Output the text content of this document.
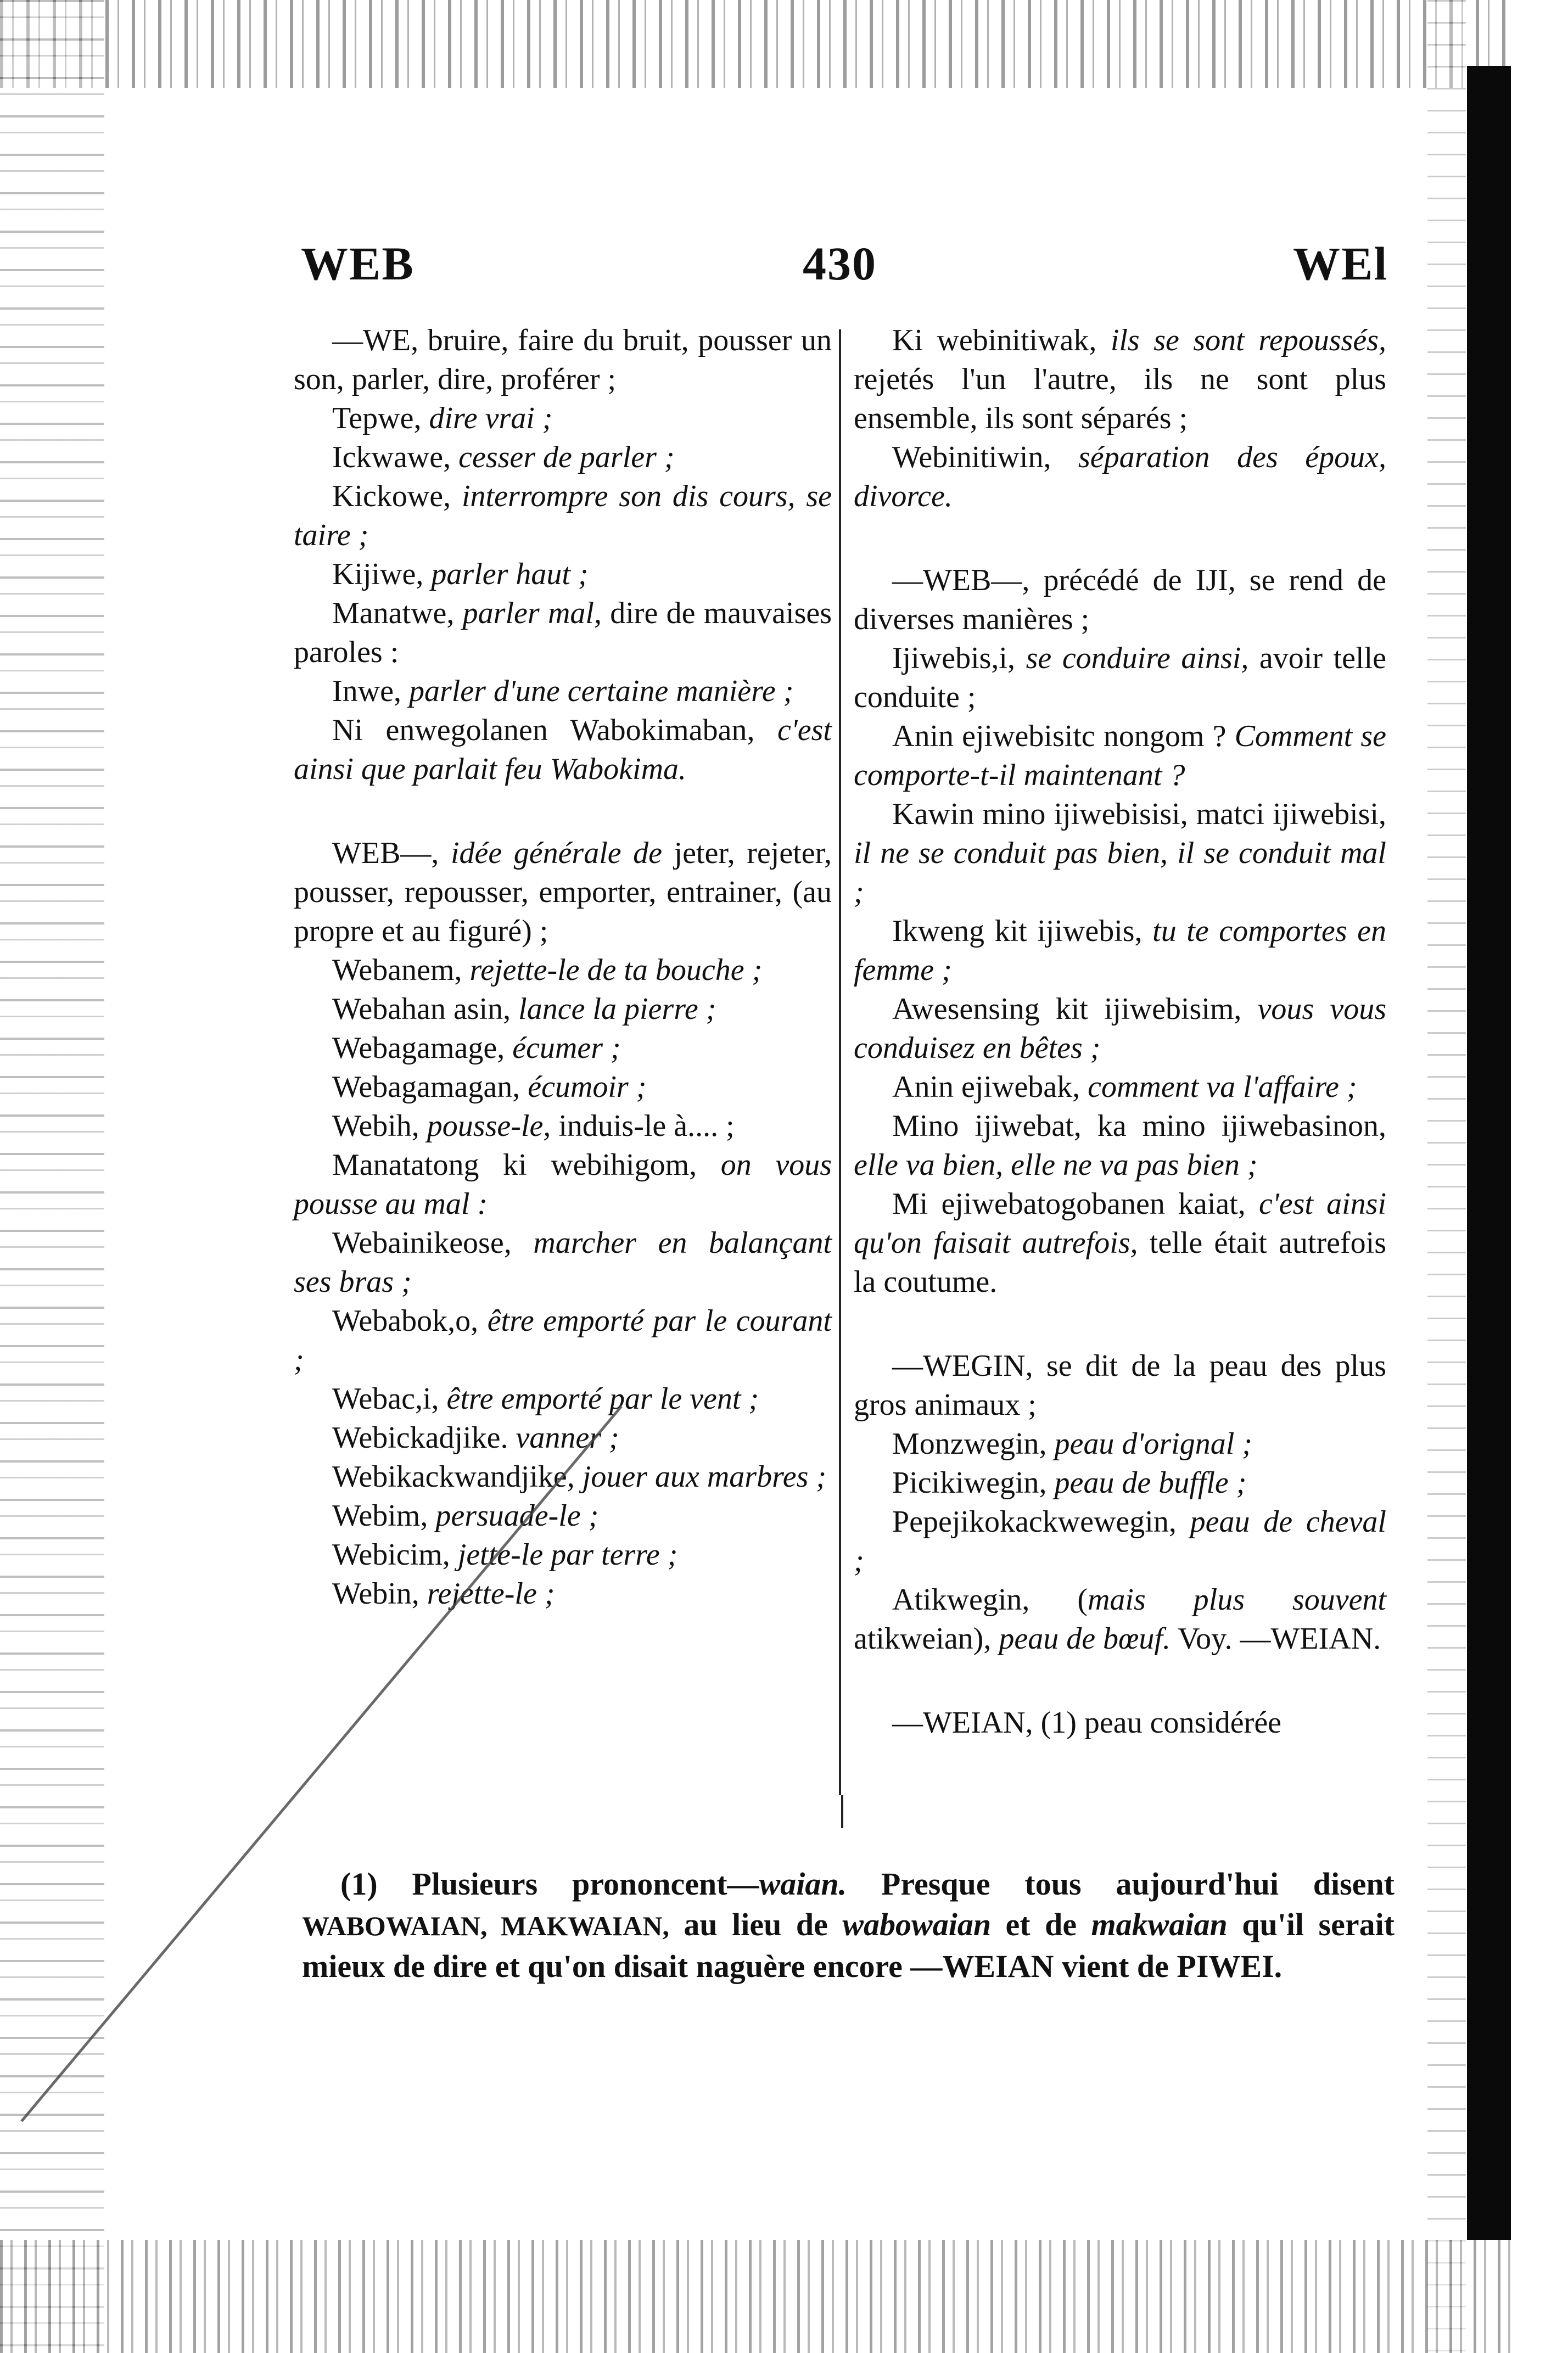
WEB	430	WEl

—WE, bruire, faire du bruit, pousser un son, parler, dire, proférer ;

Tepwe, dire vrai ;

Ickwawe, cesser de parler ;

Kickowe, interrompre son dis cours, se taire ;

Kijiwe, parler haut ;

Manatwe, parler mal, dire de mauvaises paroles :

Inwe, parler d'une certaine manière ;

Ni enwegolanen Wabokimaban, c'est ainsi que parlait feu Wabokima.

WEB—, idée générale de jeter, rejeter, pousser, repousser, emporter, entrainer, (au propre et au figuré) ;

Webanem, rejette-le de ta bouche ;

Webahan asin, lance la pierre ;

Webagamage, écumer ;

Webagamagan, écumoir ;

Webih, pousse-le, induis-le à.... ;

Manatatong ki webihigom, on vous pousse au mal :

Webainikeose, marcher en balançant ses bras ;

Webabok,o, être emporté par le courant ;

Webac,i, être emporté par le vent ;

Webickadjike. vanner ;

Webikackwandjike, jouer aux marbres ;

Webim, persuade-le ;

Webicim, jette-le par terre ;

Webin, rejette-le ;

Ki webinitiwak, ils se sont repoussés, rejetés l'un l'autre, ils ne sont plus ensemble, ils sont séparés ;

Webinitiwin, séparation des époux, divorce.

—WEB—, précédé de IJI, se rend de diverses manières ;

Ijiwebis,i, se conduire ainsi, avoir telle conduite ;

Anin ejiwebisitc nongom ? Comment se comporte-t-il maintenant ?

Kawin mino ijiwebisisi, matci ijiwebisi, il ne se conduit pas bien, il se conduit mal ;

Ikweng kit ijiwebis, tu te comportes en femme ;

Awesensing kit ijiwebisim, vous vous conduisez en bêtes ;

Anin ejiwebak, comment va l'affaire ;

Mino ijiwebat, ka mino ijiwebasinon, elle va bien, elle ne va pas bien ;

Mi ejiwebatogobanen kaiat, c'est ainsi qu'on faisait autrefois, telle était autrefois la coutume.

—WEGIN, se dit de la peau des plus gros animaux ;

Monzwegin, peau d'orignal ;

Picikiwegin, peau de buffle ;

Pepejikokackwewegin, peau de cheval ;

Atikwegin, (mais plus souvent atikweian), peau de bœuf. Voy. —WEIAN.

—WEIAN, (1) peau considérée

(1) Plusieurs prononcent—waian. Presque tous aujourd'hui disent WABOWAIAN, MAKWAIAN, au lieu de wabowaian et de makwaian qu'il serait mieux de dire et qu'on disait naguère encore —WEIAN vient de PIWEI.
